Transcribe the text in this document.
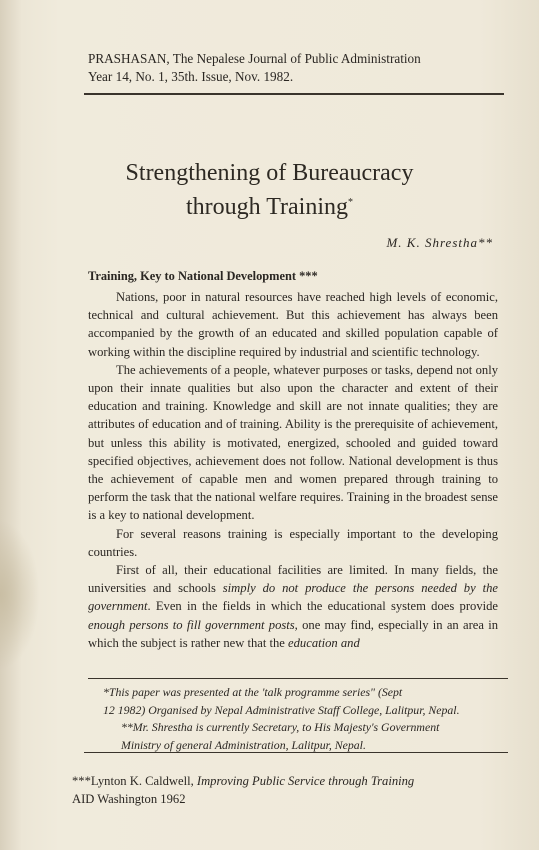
PRASHASAN, The Nepalese Journal of Public Administration
Year 14, No. 1, 35th. Issue, Nov. 1982.
Strengthening of Bureaucracy
through Training*
M. K. Shrestha**
Training, Key to National Development ***

Nations, poor in natural resources have reached high levels of economic, technical and cultural achievement. But this achievement has always been accompanied by the growth of an educated and skilled population capable of working within the discipline required by industrial and scientific technology.

The achievements of a people, whatever purposes or tasks, depend not only upon their innate qualities but also upon the character and extent of their education and training. Knowledge and skill are not innate qualities; they are attributes of education and of training. Ability is the prerequisite of achievement, but unless this ability is motivated, energized, schooled and guided toward specified objectives, achievement does not follow. National development is thus the achievement of capable men and women prepared through training to perform the task that the national welfare requires. Training in the broadest sense is a key to national development.

For several reasons training is especially important to the developing countries.

First of all, their educational facilities are limited. In many fields, the universities and schools simply do not produce the persons needed by the government. Even in the fields in which the educational system does provide enough persons to fill government posts, one may find, especially in an area in which the subject is rather new that the education and

*This paper was presented at the 'talk programme series" (Sept

12 1982) Organised by Nepal Administrative Staff College, Lalitpur, Nepal.

**Mr. Shrestha is currently Secretary, to His Majesty's Government

Ministry of general Administration, Lalitpur, Nepal.

***Lynton K. Caldwell, Improving Public Service through Training
AID Washington 1962
